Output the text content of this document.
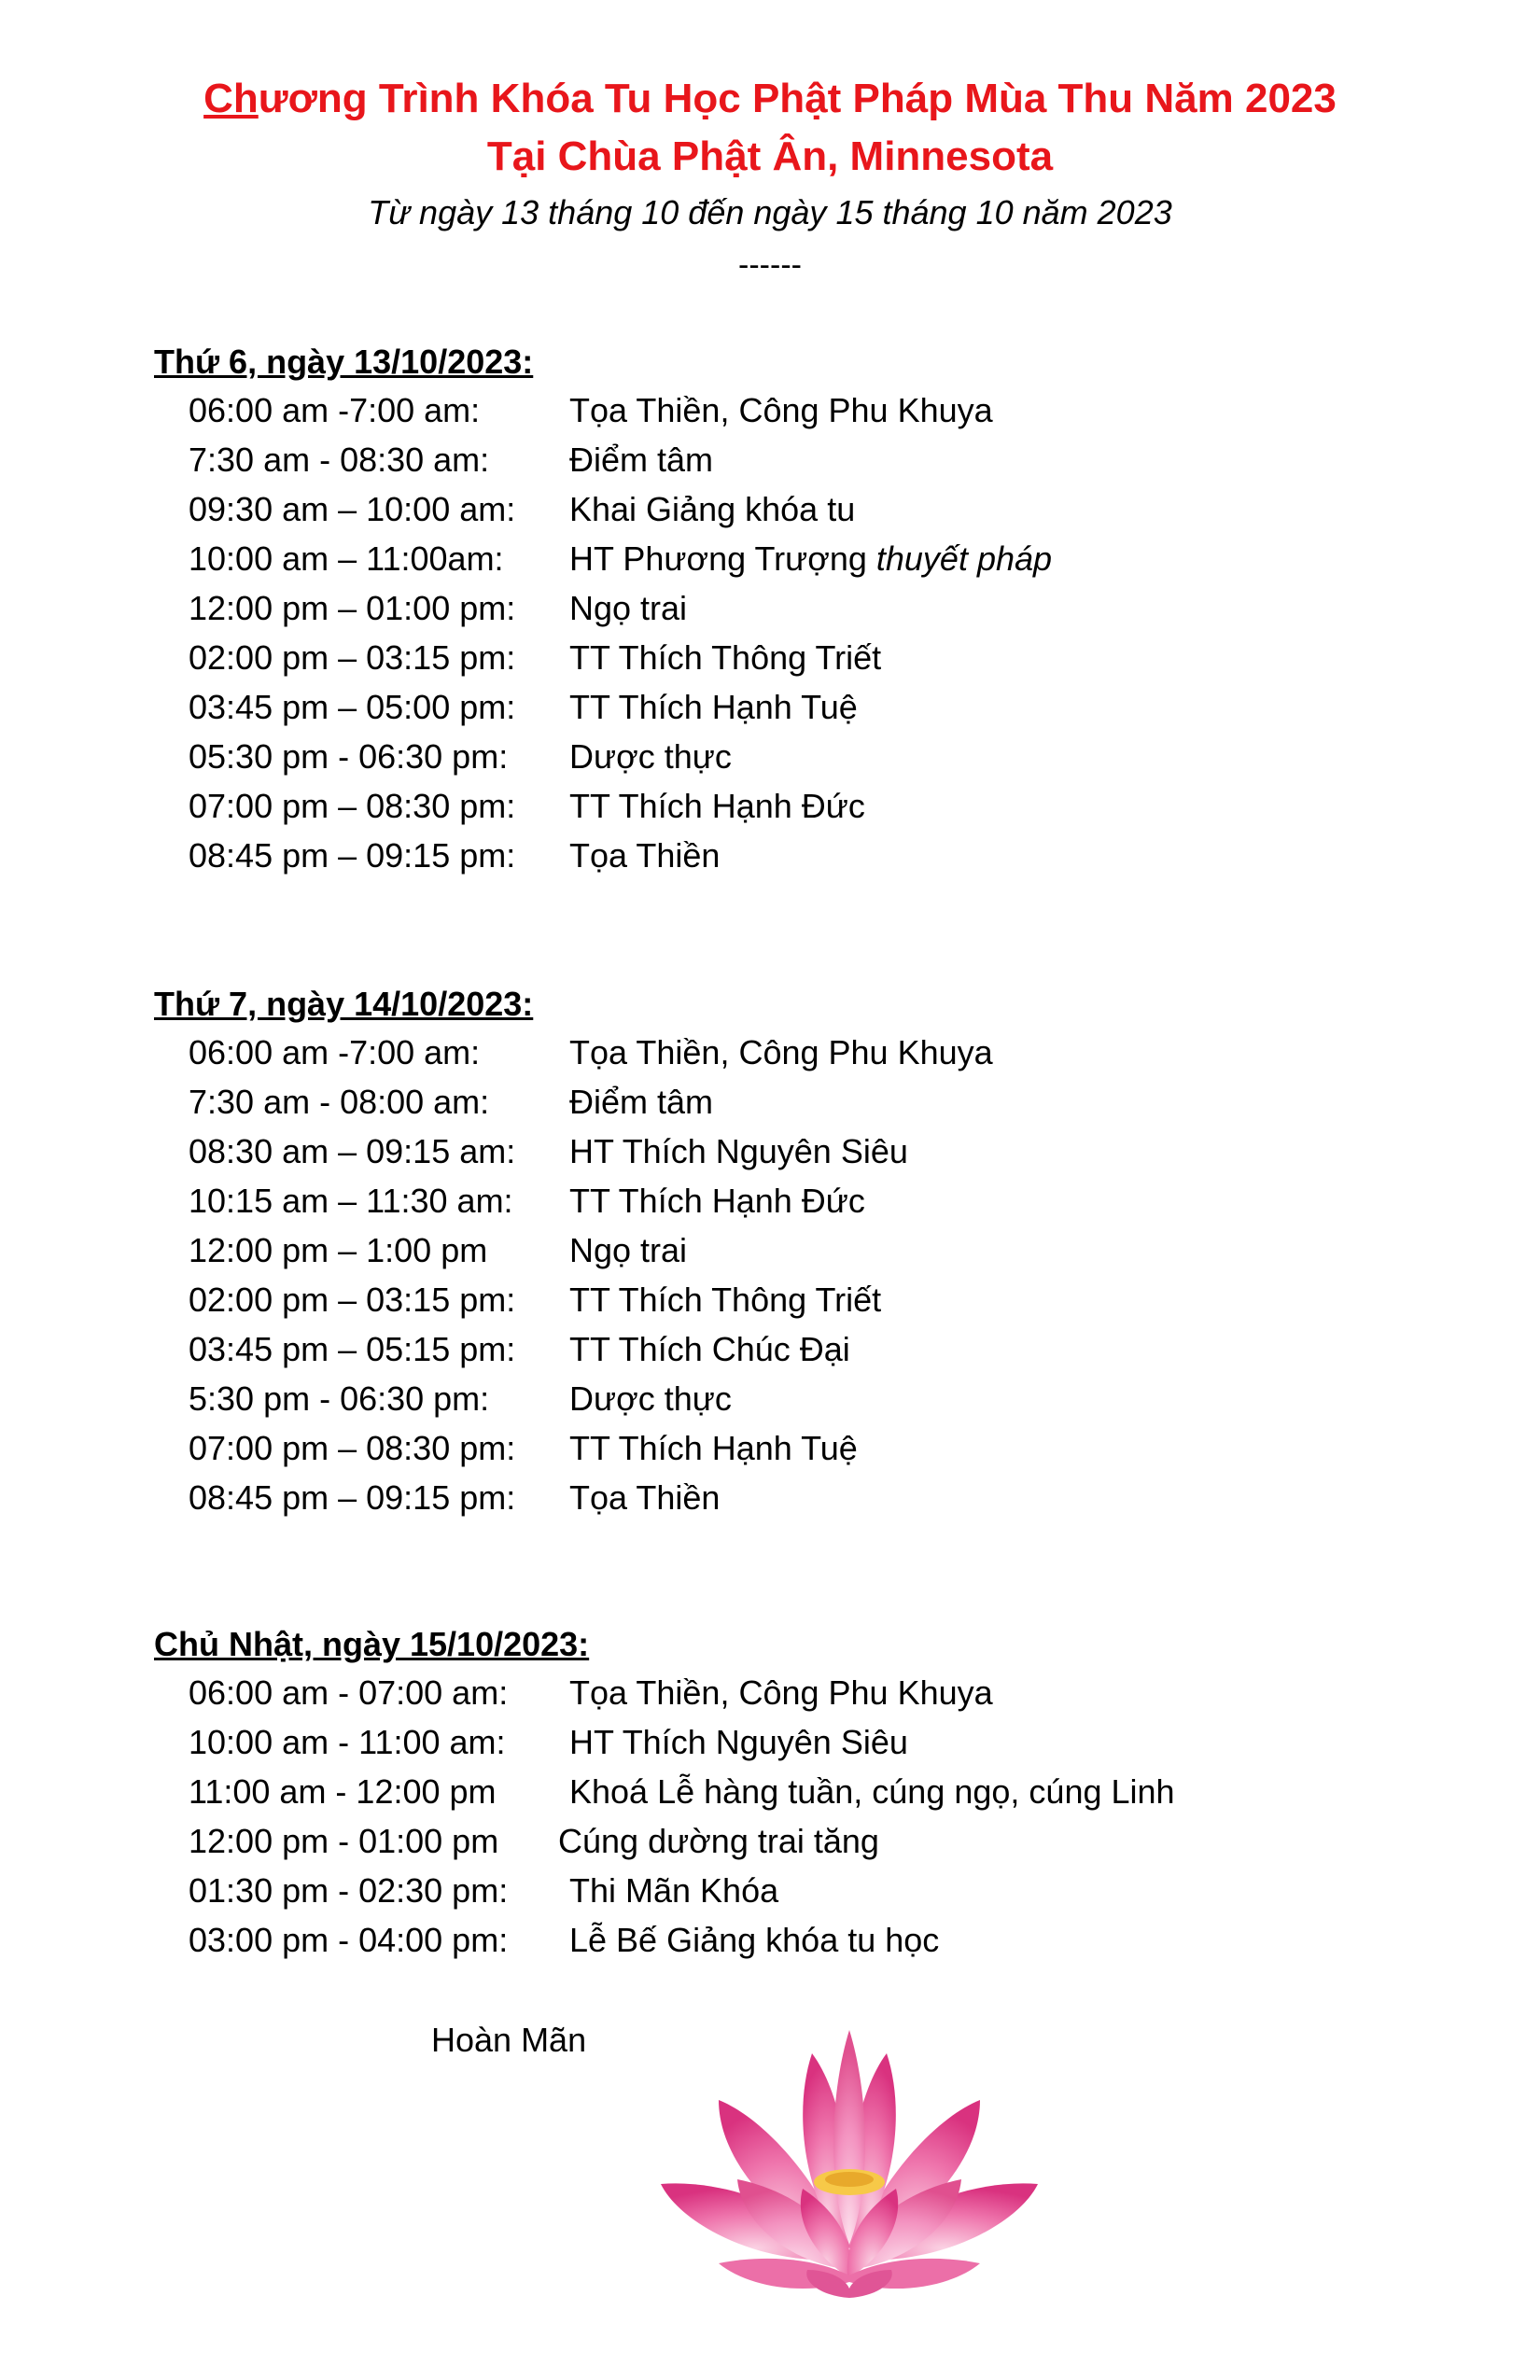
Chương Trình Khóa Tu Học Phật Pháp Mùa Thu Năm 2023
Tại Chùa Phật Ân, Minnesota
Từ ngày 13 tháng 10 đến ngày 15 tháng 10 năm 2023
------
Thứ 6, ngày 13/10/2023:
06:00 am -7:00 am:	Tọa Thiền, Công Phu Khuya
7:30 am - 08:30 am: Điểm tâm
09:30 am – 10:00 am: Khai Giảng khóa tu
10:00 am – 11:00am: HT Phương Trượng thuyết pháp
12:00 pm – 01:00 pm: Ngọ trai
02:00 pm – 03:15 pm: TT Thích Thông Triết
03:45 pm – 05:00 pm: TT Thích Hạnh Tuệ
05:30 pm - 06:30 pm: Dược thực
07:00 pm – 08:30 pm: TT Thích Hạnh Đức
08:45 pm – 09:15 pm: Tọa Thiền
Thứ 7, ngày 14/10/2023:
06:00 am -7:00 am:	Tọa Thiền, Công Phu Khuya
7:30 am - 08:00 am: Điểm tâm
08:30 am – 09:15 am: HT Thích Nguyên Siêu
10:15 am – 11:30 am: TT Thích Hạnh Đức
12:00 pm – 1:00 pm Ngọ trai
02:00 pm – 03:15 pm: TT Thích Thông Triết
03:45 pm – 05:15 pm: TT Thích Chúc Đại
5:30 pm - 06:30 pm: Dược thực
07:00 pm – 08:30 pm: TT Thích Hạnh Tuệ
08:45 pm – 09:15 pm: Tọa Thiền
Chủ Nhật, ngày 15/10/2023:
06:00 am - 07:00 am: Tọa Thiền, Công Phu Khuya
10:00 am - 11:00 am: HT Thích Nguyên Siêu
11:00 am - 12:00 pm Khoá Lễ hàng tuần, cúng ngọ, cúng Linh
12:00 pm - 01:00 pm Cúng dường trai tăng
01:30 pm - 02:30 pm: Thi Mãn Khóa
03:00 pm - 04:00 pm: Lễ Bế Giảng khóa tu học
Hoàn Mãn
